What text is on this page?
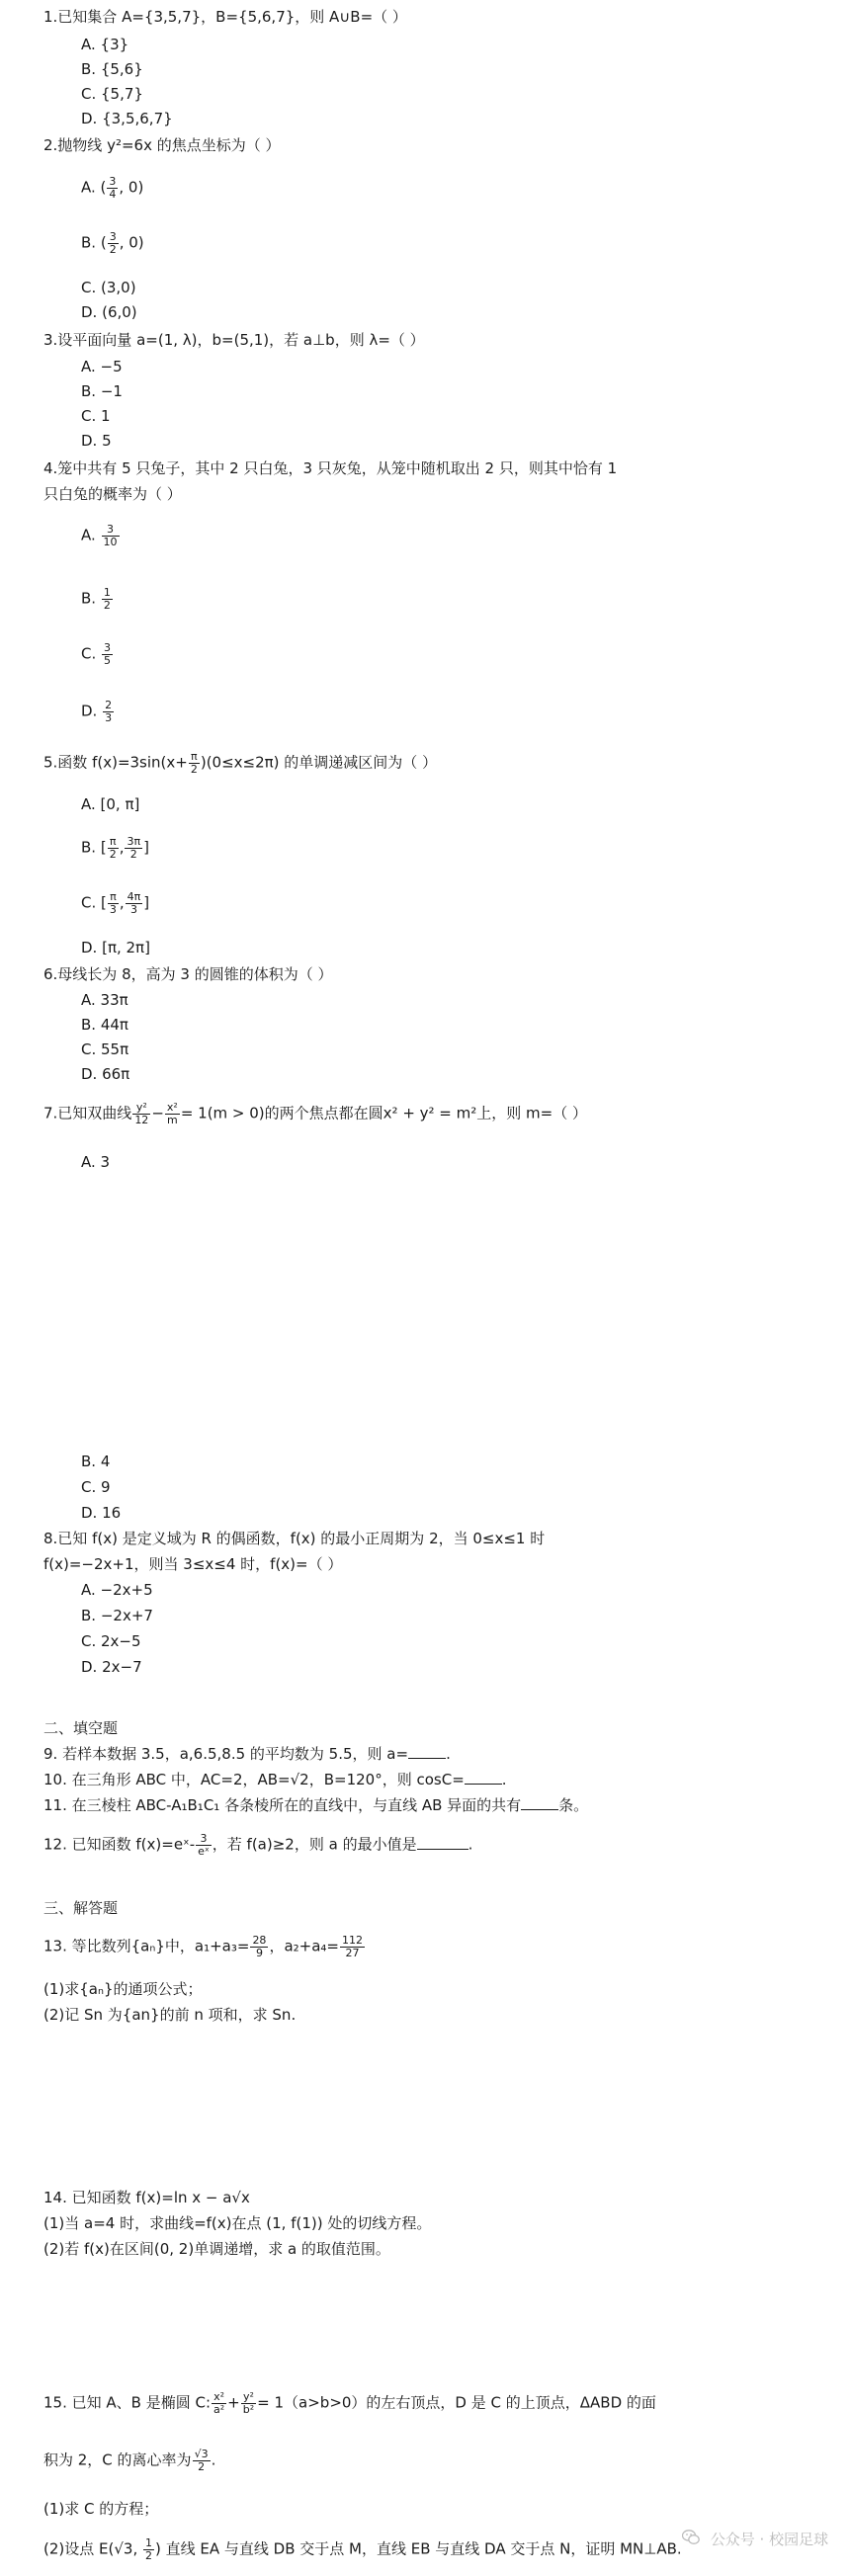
1.已知集合 A={3,5,7}，B={5,6,7}，则 A∪B=（ ）
A. {3}
B. {5,6}
C. {5,7}
D. {3,5,6,7}
2.抛物线 y²=6x 的焦点坐标为（ ）
A. ( $\frac{3}{4}$ , 0)
B. ( $\frac{3}{2}$ , 0)
C. (3,0)
D. (6,0)
3.设平面向量 a=(1, λ)，b=(5,1)，若 a⊥b，则 λ=（ ）
A. −5
B. −1
C. 1
D. 5
4.笼中共有 5 只兔子，其中 2 只白兔，3 只灰兔，从笼中随机取出 2 只，则其中恰有 1
只白兔的概率为（ ）
A. $\frac{3}{10}$
B. $\frac{1}{2}$
C. $\frac{3}{5}$
D. $\frac{2}{3}$
5.函数 $f(x)=3\sin(x+ \frac{\pi}{2} )(0\le x\le 2\pi)$ 的单调递减区间为（ ）
A. [0, π]
B. [ $\frac{\pi}{2}$ , $\frac{3\pi}{2}$ ]
C. [ $\frac{\pi}{3}$ , $\frac{4\pi}{3}$ ]
D. [π, 2π]
6.母线长为 8，高为 3 的圆锥的体积为（ ）
A. 33π
B. 44π
C. 55π
D. 66π
7.已知双曲线 $\frac{\text{y²}}{12} - \frac{\text{x²}}{m} = 1(m > 0)$的两个焦点都在圆x² + y² = m²上，则 m=（ ）
A. 3
B. 4
C. 9
D. 16
8.已知 f(x) 是定义域为 R 的偶函数，f(x) 的最小正周期为 2，当 0≤x≤1 时
f(x)=−2x+1，则当 3≤x≤4 时，f(x)=（ ）
A. −2x+5
B. −2x+7
C. 2x−5
D. 2x−7
二、填空题
9. 若样本数据 3.5，a,6.5,8.5 的平均数为 5.5，则 a=	.
10. 在三角形 ABC 中，AC=2，AB=√2，B=120°，则 cosC=	.
11. 在三棱柱 ABC-A₁B₁C₁ 各条棱所在的直线中，与直线 AB 异面的共有	条。
12. 已知函数 f(x)=eˣ- $\frac{3}{\text{eˣ}}$ ，若 f(a)≥2，则 a 的最小值是	.
三、解答题
13. 等比数列{aₙ}中，$a_1+a_3= \frac{28}{9}$ ，$a_2+a_4= \frac{112}{27}$
(1)求{aₙ}的通项公式；
(2)记 Sn 为{an}的前 n 项和，求 Sn.
14. 已知函数 f(x)=ln x − a√x
(1)当 a=4 时，求曲线=f(x)在点 (1, f(1)) 处的切线方程。
(2)若 f(x)在区间(0, 2)单调递增，求 a 的取值范围。
15. 已知 A、B 是椭圆 C: $\frac{\text{x²}}{\text{a²}} + \frac{\text{y²}}{\text{b²}} = 1(a>b>0)$的左右顶点，D 是 C 的上顶点，ΔABD 的面
积为 2，C 的离心率为 $\frac{√3}{2}$ .
(1)求 C 的方程；
(2)设点 E(√3, $\frac{1}{2}$ ) 直线 EA 与直线 DB 交于点 M，直线 EB 与直线 DA 交于点 N，证明 MN⊥AB.
公众号 · 校园足球
